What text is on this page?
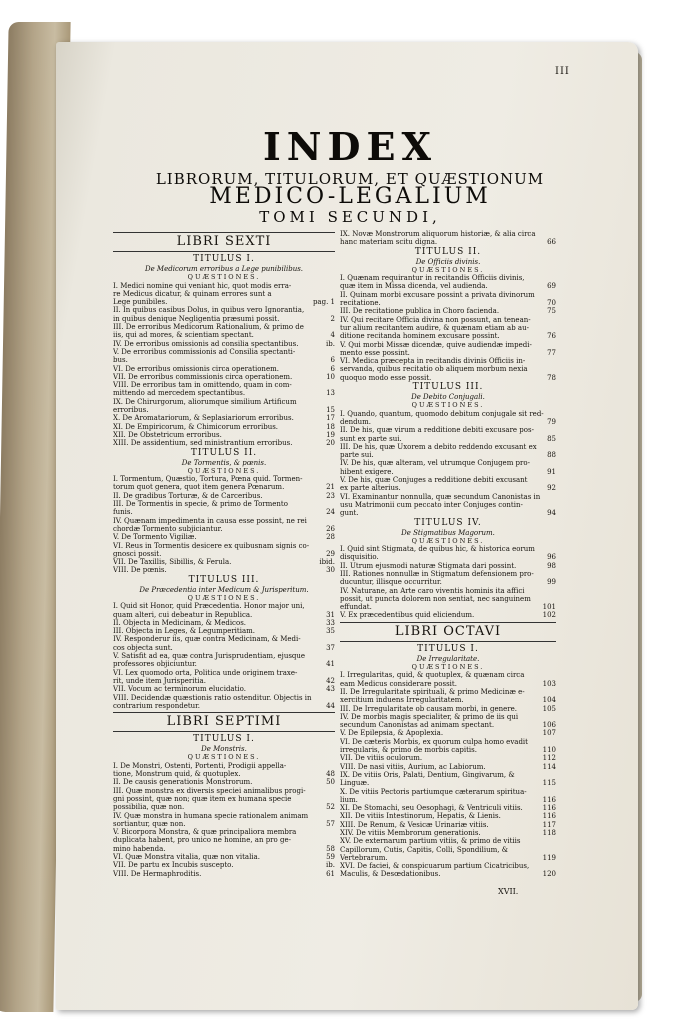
III
INDEX
LIBRORUM, TITULORUM, ET QUÆSTIONUM
MEDICO-LEGALIUM
TOMI SECUNDI,
LIBRI SEXTI
TITULUS I.
De Medicorum erroribus a Lege punibilibus.
QUÆSTIONES.
I. Medici nomine qui veniant hic, quot modis erra-
re Medicus dicatur, & quinam errores sunt a
Lege punibiles.	pag. 1
II. In quibus casibus Dolus, in quibus vero Ignorantia,
in quibus denique Negligentia præsumi possit.	2
III. De erroribus Medicorum Rationalium, & primo de
iis, qui ad mores, & scientiam spectant.	4
IV. De erroribus omissionis ad consilia spectantibus.	ib.
V. De erroribus commissionis ad Consilia spectanti-
bus.	6
VI. De erroribus omissionis circa operationem.	6
VII. De erroribus commissionis circa operationem.	10
VIII. De erroribus tam in omittendo, quam in com-
mittendo ad mercedem spectantibus.	13
IX. De Chirurgorum, aliorumque similium Artificum
erroribus.	15
X. De Aromatariorum, & Seplasiariorum erroribus.	17
XI. De Empiricorum, & Chimicorum erroribus.	18
XII. De Obstetricum erroribus.	19
XIII. De assidentium, sed ministrantium erroribus.	20
TITULUS II.
De Tormentis, & pœnis.
QUÆSTIONES.
I. Tormentum, Quæstio, Tortura, Pœna quid. Tormen-
torum quot genera, quot item genera Pœnarum.	21
II. De gradibus Torturæ, & de Carceribus.	23
III. De Tormentis in specie, & primo de Tormento
funis.	24
IV. Quænam impedimenta in causa esse possint, ne rei
chordæ Tormento subjiciantur.	26
V. De Tormento Vigiliæ.	28
VI. Reus in Tormentis desicere ex quibusnam signis co-
gnosci possit.	29
VII. De Taxillis, Sibillis, & Ferula.	ibid.
VIII. De pœnis.	30
TITULUS III.
De Præcedentia inter Medicum & Jurisperitum.
QUÆSTIONES.
I. Quid sit Honor, quid Præcedentia. Honor major uni,
quam alteri, cui debeatur in Republica.	31
II. Objecta in Medicinam, & Medicos.	33
III. Objecta in Leges, & Legumperitiam.	35
IV. Responderur iis, quæ contra Medicinam, & Medi-
cos objecta sunt.	37
V. Satisfit ad ea, quæ contra Jurisprudentiam, ejusque
professores objiciuntur.	41
VI. Lex quomodo orta, Politica unde originem traxe-
rit, unde item Jurisperitia.	42
VII. Vocum ac terminorum elucidatio.	43
VIII. Decidendæ quæstionis ratio ostenditur. Objectis in
contrarium respondetur.	44
LIBRI SEPTIMI
TITULUS I.
De Monstris.
QUÆSTIONES.
I. De Monstri, Ostenti, Portenti, Prodigii appella-
tione, Monstrum quid, & quotuplex.	48
II. De causis generationis Monstrorum.	50
III. Quæ monstra ex diversis speciei animalibus progi-
gni possint, quæ non; quæ item ex humana specie
possibilia, quæ non.	52
IV. Quæ monstra in humana specie rationalem animam
sortiantur, quæ non.	57
V. Bicorpora Monstra, & quæ principaliora membra
duplicata habent, pro unico ne homine, an pro ge-
mino habenda.	58
VI. Quæ Monstra vitalia, quæ non vitalia.	59
VII. De partu ex Incubis suscepto.	ib.
VIII. De Hermaphroditis.	61
IX. Novæ Monstrorum aliquorum historiæ, & alia circa
hanc materiam scitu digna.	66
TITULUS II.
De Officiis divinis.
QUÆSTIONES.
I. Quænam requirantur in recitandis Officiis divinis,
quæ item in Missa dicenda, vel audienda.	69
II. Quinam morbi excusare possint a privata divinorum
recitatione.	70
III. De recitatione publica in Choro facienda.	75
IV. Qui recitare Officia divina non possunt, an tenean-
tur alium recitantem audire, & quænam etiam ab au-
ditione recitanda hominem excusare possint.	76
V. Qui morbi Missæ dicendæ, quive audiendæ impedi-
mento esse possint.	77
VI. Medica præcepta in recitandis divinis Officiis in-
servanda, quibus recitatio ob aliquem morbum nexia
quoquo modo esse possit.	78
TITULUS III.
De Debito Conjugali.
QUÆSTIONES.
I. Quando, quantum, quomodo debitum conjugale sit red-
dendum.	79
II. De his, quæ virum a redditione debiti excusare pos-
sunt ex parte sui.	85
III. De his, quæ Uxorem a debito reddendo excusant ex
parte sui.	88
IV. De his, quæ alteram, vel utrumque Conjugem pro-
hibent exigere.	91
V. De his, quæ Conjuges a redditione debiti excusant
ex parte alterius.	92
VI. Examinantur nonnulla, quæ secundum Canonistas in
usu Matrimonii cum peccato inter Conjuges contin-
gunt.	94
TITULUS IV.
De Stigmatibus Magorum.
QUÆSTIONES.
I. Quid sint Stigmata, de quibus hic, & historica eorum
disquisitio.	96
II. Utrum ejusmodi naturæ Stigmata dari possint.	98
III. Rationes nonnullæ in Stigmatum defensionem pro-
ducuntur, illisque occurritur.	99
IV. Naturane, an Arte caro viventis hominis ita affici
possit, ut puncta dolorem non sentiat, nec sanguinem
effundat.	101
V. Ex præcedentibus quid eliciendum.	102
LIBRI OCTAVI
TITULUS I.
De Irregularitate.
QUÆSTIONES.
I. Irregularitas, quid, & quotuplex, & quænam circa
eam Medicus considerare possit.	103
II. De Irregularitate spirituali, & primo Medicinæ e-
xercitium induens Irregularitatem.	104
III. De Irregularitate ob causam morbi, in genere.	105
IV. De morbis magis specialiter, & primo de iis qui
secundum Canonistas ad animam spectant.	106
V. De Epilepsia, & Apoplexia.	107
VI. De cæteris Morbis, ex quorum culpa homo evadit
irregularis, & primo de morbis capitis.	110
VII. De vitiis oculorum.	112
VIII. De nasi vitiis, Aurium, ac Labiorum.	114
IX. De vitiis Oris, Palati, Dentium, Gingivarum, &
Linguæ.	115
X. De vitiis Pectoris partiumque cæterarum spiritua-
lium.	116
XI. De Stomachi, seu Oesophagi, & Ventriculi vitiis.	116
XII. De vitiis Intestinorum, Hepatis, & Lienis.	116
XIII. De Renum, & Vesicæ Urinariæ vitiis.	117
XIV. De vitiis Membrorum generationis.	118
XV. De externarum partium vitiis, & primo de vitiis
Capillorum, Cutis, Capitis, Colli, Spondilium, &
Vertebrarum.	119
XVI. De faciei, & conspicuarum partium Cicatricibus,
Maculis, & Desœdationibus.	120
XVII.
